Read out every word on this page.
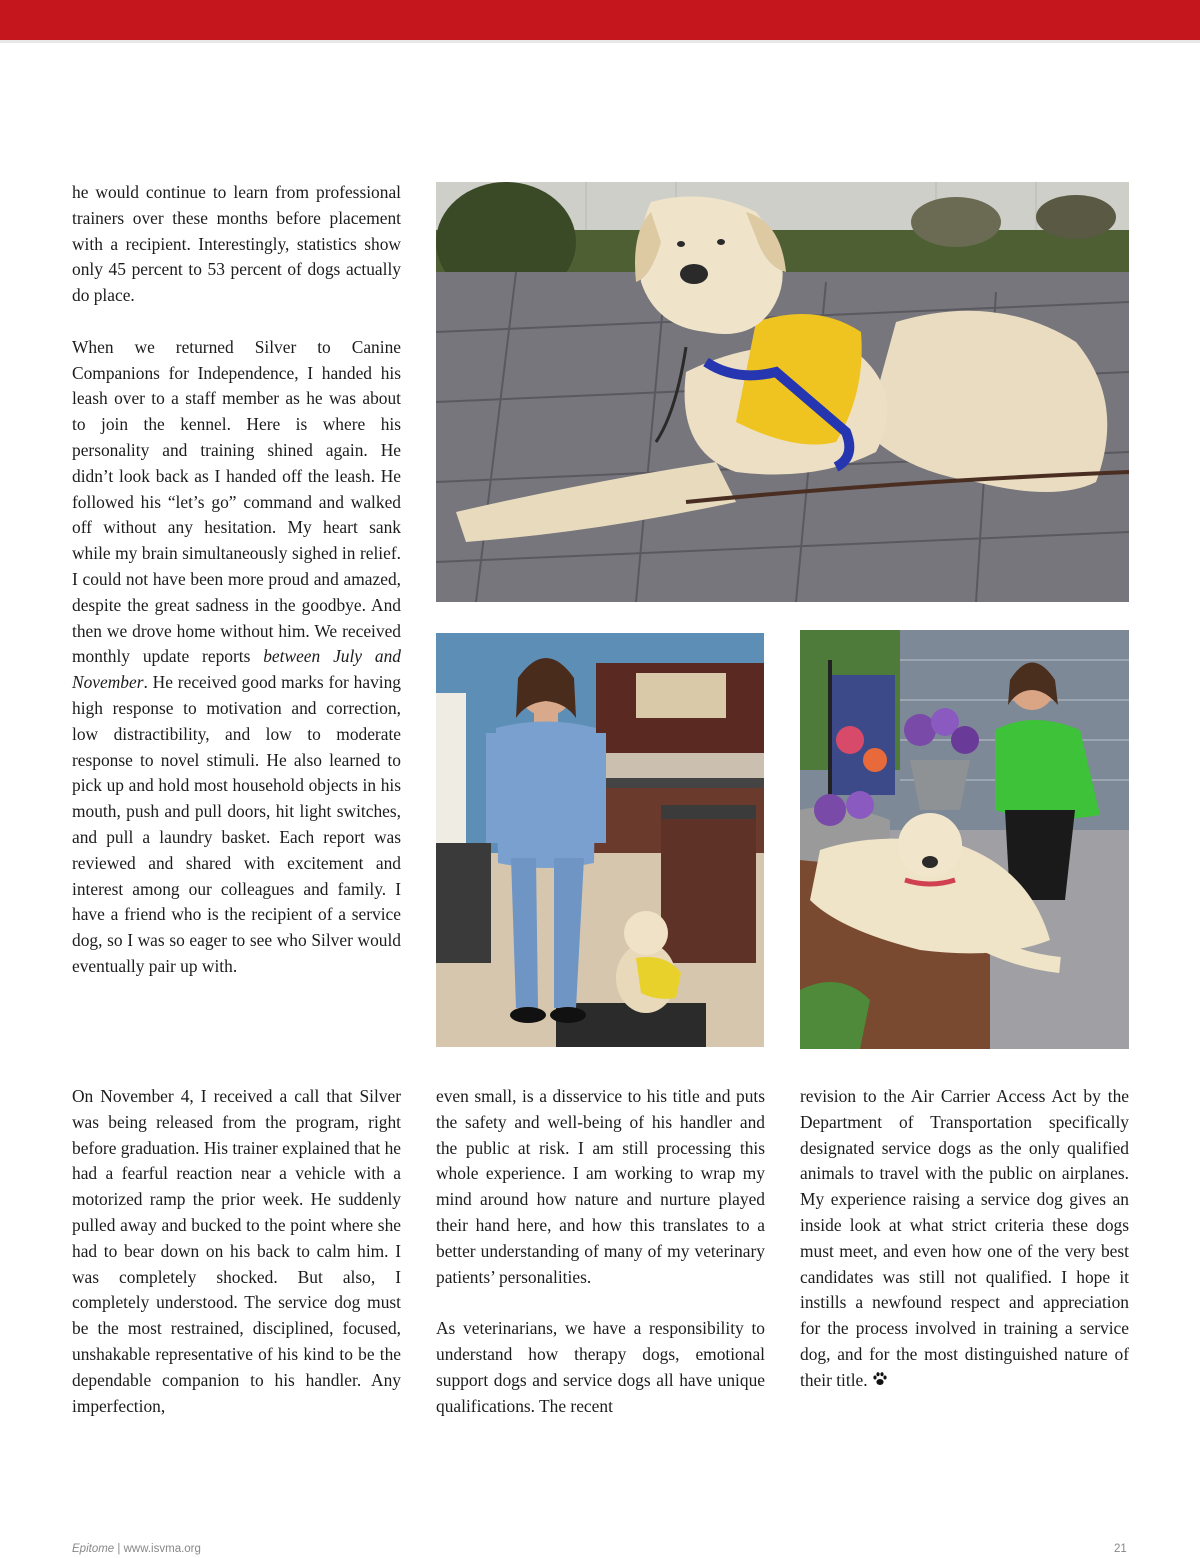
he would continue to learn from professional trainers over these months before placement with a recipient. Interestingly, statistics show only 45 percent to 53 percent of dogs actually do place.

When we returned Silver to Canine Companions for Independence, I handed his leash over to a staff member as he was about to join the kennel. Here is where his personality and training shined again. He didn’t look back as I handed off the leash. He followed his “let’s go” command and walked off without any hesitation. My heart sank while my brain simultaneously sighed in relief. I could not have been more proud and amazed, despite the great sadness in the goodbye. And then we drove home without him. We received monthly update reports between July and November. He received good marks for having high response to motivation and correction, low distractibility, and low to moderate response to novel stimuli. He also learned to pick up and hold most household objects in his mouth, push and pull doors, hit light switches, and pull a laundry basket. Each report was reviewed and shared with excitement and interest among our colleagues and family. I have a friend who is the recipient of a service dog, so I was so eager to see who Silver would eventually pair up with.

On November 4, I received a call that Silver was being released from the program, right before graduation. His trainer explained that he had a fearful reaction near a vehicle with a motorized ramp the prior week. He suddenly pulled away and bucked to the point where she had to bear down on his back to calm him. I was completely shocked. But also, I completely understood. The service dog must be the most restrained, disciplined, focused, unshakable representative of his kind to be the dependable companion to his handler. Any imperfection,

even small, is a disservice to his title and puts the safety and well-being of his handler and the public at risk. I am still processing this whole experience. I am working to wrap my mind around how nature and nurture played their hand here, and how this translates to a better understanding of many of my veterinary patients’ personalities.

As veterinarians, we have a responsibility to understand how therapy dogs, emotional support dogs and service dogs all have unique qualifications. The recent

revision to the Air Carrier Access Act by the Department of Transportation specifically designated service dogs as the only qualified animals to travel with the public on airplanes. My experience raising a service dog gives an inside look at what strict criteria these dogs must meet, and even how one of the very best candidates was still not qualified. I hope it instills a newfound respect and appreciation for the process involved in training a service dog, and for the most distinguished nature of their title.

Epitome | www.isvma.org	21
